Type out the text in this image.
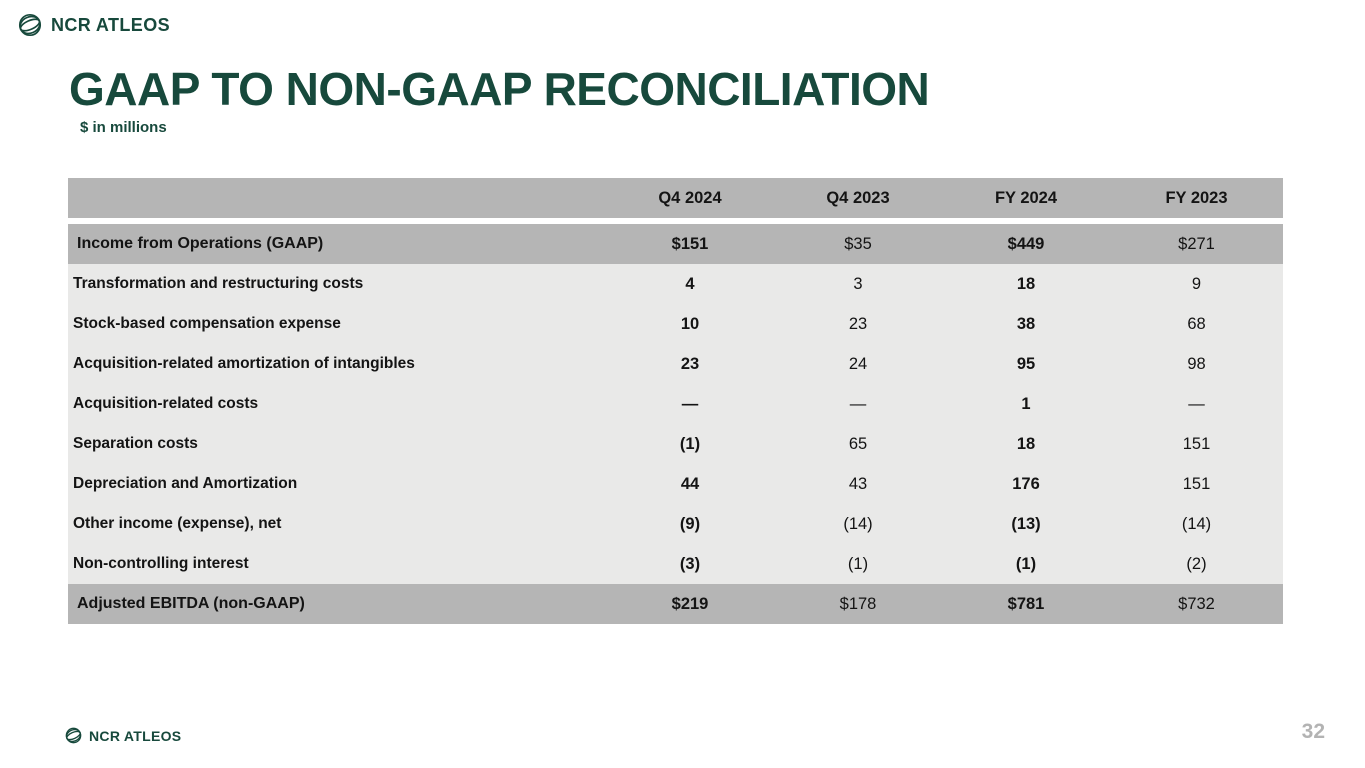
NCR ATLEOS
GAAP TO NON-GAAP RECONCILIATION
$ in millions
Q4 2024	Q4 2023	FY 2024	FY 2023
Income from Operations (GAAP)	$151	$35	$449	$271
Transformation and restructuring costs	4	3	18	9
Stock-based compensation expense	10	23	38	68
Acquisition-related amortization of intangibles	23	24	95	98
Acquisition-related costs	—	—	1	—
Separation costs	(1)	65	18	151
Depreciation and Amortization	44	43	176	151
Other income (expense), net	(9)	(14)	(13)	(14)
Non-controlling interest	(3)	(1)	(1)	(2)
Adjusted EBITDA (non-GAAP)	$219	$178	$781	$732
NCR ATLEOS	32
